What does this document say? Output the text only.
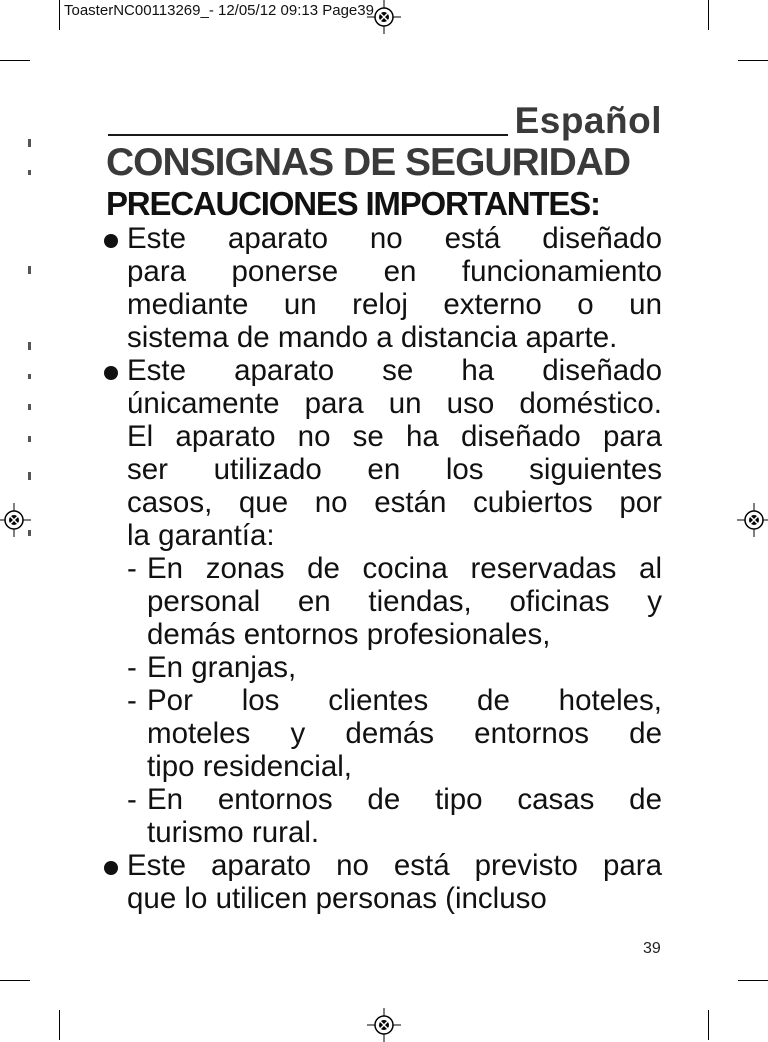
ToasterNC00113269_- 12/05/12 09:13 Page39
Español
CONSIGNAS DE SEGURIDAD
PRECAUCIONES IMPORTANTES:
Este aparato no está diseñado
para ponerse en funcionamiento
mediante un reloj externo o un
sistema de mando a distancia aparte.
Este aparato se ha diseñado
únicamente para un uso doméstico.
El aparato no se ha diseñado para
ser utilizado en los siguientes
casos, que no están cubiertos por
la garantía:
- En zonas de cocina reservadas al
personal en tiendas, oficinas y
demás entornos profesionales,
- En granjas,
- Por los clientes de hoteles,
moteles y demás entornos de
tipo residencial,
- En entornos de tipo casas de
turismo rural.
Este aparato no está previsto para
que lo utilicen personas (incluso
39
